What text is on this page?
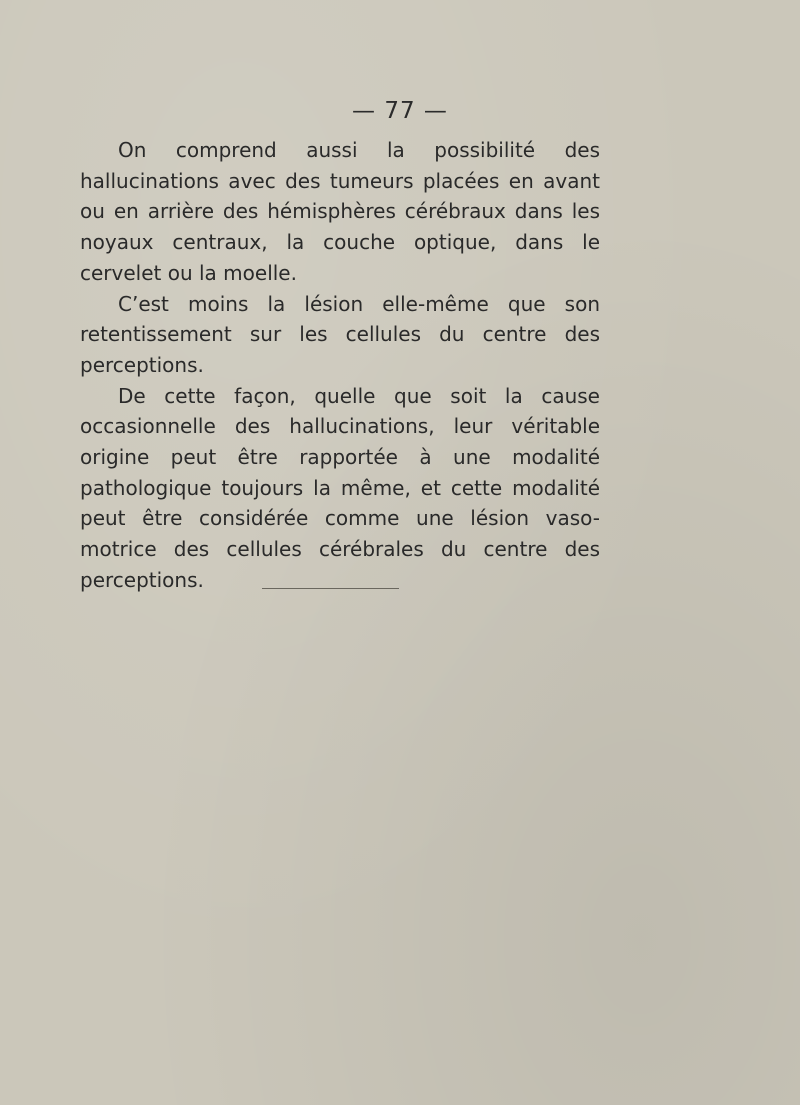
— 77 —

On comprend aussi la possibilité des hallucinations avec des tumeurs placées en avant ou en arrière des hémisphères cérébraux dans les noyaux centraux, la couche optique, dans le cervelet ou la moelle.

C’est moins la lésion elle-même que son retentissement sur les cellules du centre des perceptions.

De cette façon, quelle que soit la cause occasionnelle des hallucinations, leur véritable origine peut être rapportée à une modalité pathologique toujours la même, et cette modalité peut être considérée comme une lésion vaso-motrice des cellules cérébrales du centre des perceptions.
